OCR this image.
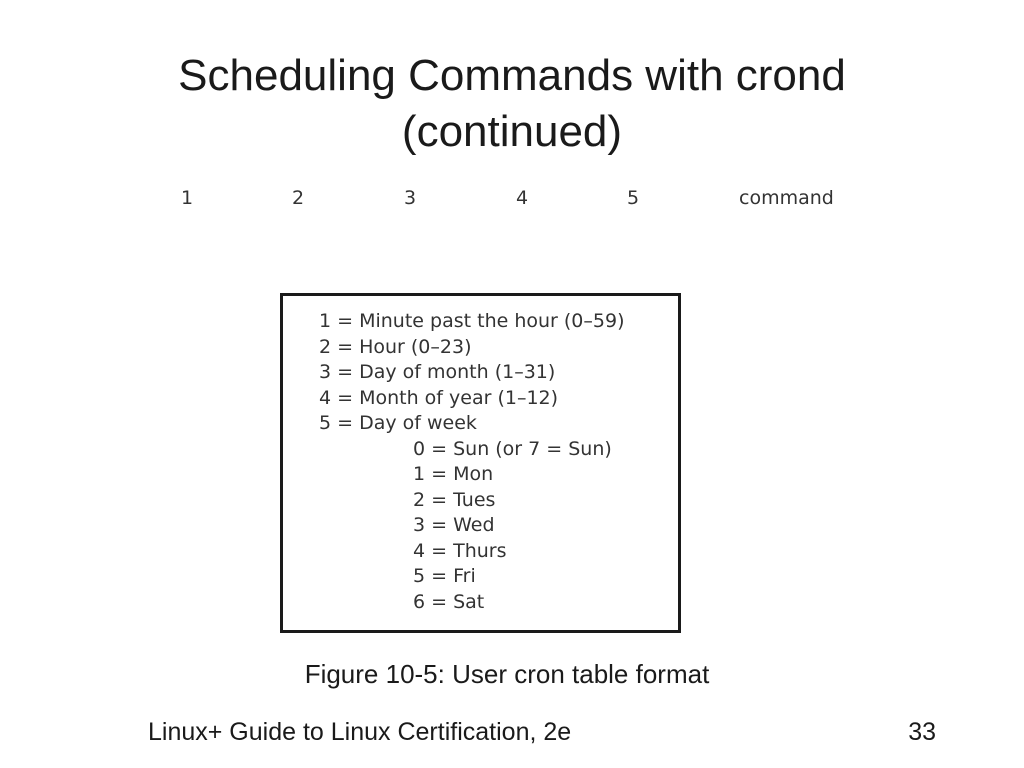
Scheduling Commands with crond
(continued)
1	2	3	4	5	command
1 = Minute past the hour (0–59)
2 = Hour (0–23)
3 = Day of month (1–31)
4 = Month of year (1–12)
5 = Day of week
0 = Sun (or 7 = Sun)
1 = Mon
2 = Tues
3 = Wed
4 = Thurs
5 = Fri
6 = Sat
Figure 10-5: User cron table format
Linux+ Guide to Linux Certification, 2e	33
